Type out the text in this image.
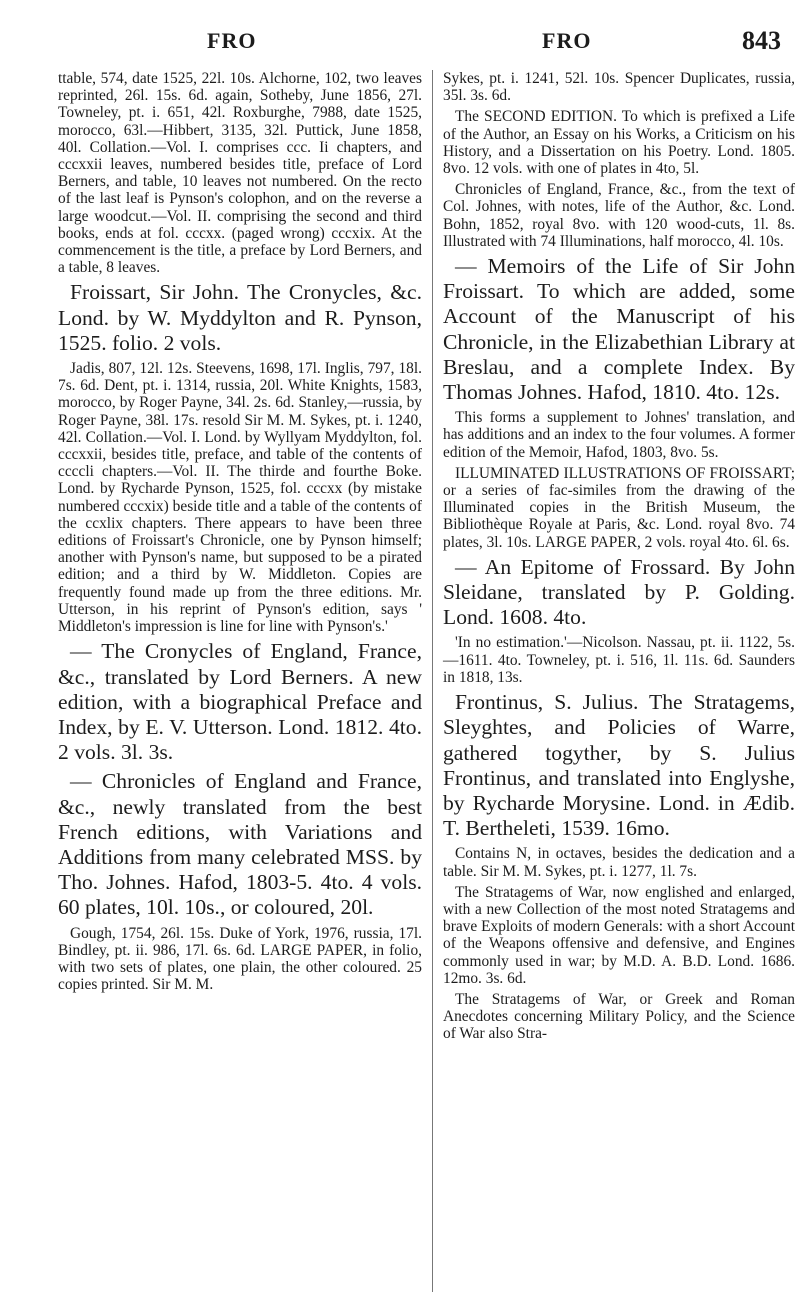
FRO	FRO	843

ttable, 574, date 1525, 22l. 10s. Alchorne, 102, two leaves reprinted, 26l. 15s. 6d. again, Sotheby, June 1856, 27l. Towneley, pt. i. 651, 42l. Roxburghe, 7988, date 1525, morocco, 63l.—Hibbert, 3135, 32l. Puttick, June 1858, 40l. Collation.—Vol. I. comprises ccc. Ii chapters, and cccxxii leaves, numbered besides title, preface of Lord Berners, and table, 10 leaves not numbered. On the recto of the last leaf is Pynson's colophon, and on the reverse a large woodcut.—Vol. II. comprising the second and third books, ends at fol. cccxx. (paged wrong) cccxix. At the commencement is the title, a preface by Lord Berners, and a table, 8 leaves.

Froissart, Sir John. The Cronycles, &c. Lond. by W. Myddylton and R. Pynson, 1525. folio. 2 vols.

Jadis, 807, 12l. 12s. Steevens, 1698, 17l. Inglis, 797, 18l. 7s. 6d. Dent, pt. i. 1314, russia, 20l. White Knights, 1583, morocco, by Roger Payne, 34l. 2s. 6d. Stanley,—russia, by Roger Payne, 38l. 17s. resold Sir M. M. Sykes, pt. i. 1240, 42l. Collation.—Vol. I. Lond. by Wyllyam Myddylton, fol. cccxxii, besides title, preface, and table of the contents of cccclі chapters.—Vol. II. The thirde and fourthe Boke. Lond. by Rycharde Pynson, 1525, fol. cccxx (by mistake numbered cccxix) beside title and a table of the contents of the ccxlix chapters. There appears to have been three editions of Froissart's Chronicle, one by Pynson himself; another with Pynson's name, but supposed to be a pirated edition; and a third by W. Middleton. Copies are frequently found made up from the three editions. Mr. Utterson, in his reprint of Pynson's edition, says ' Middleton's impression is line for line with Pynson's.'

— The Cronycles of England, France, &c., translated by Lord Berners. A new edition, with a biographical Preface and Index, by E. V. Utterson. Lond. 1812. 4to. 2 vols. 3l. 3s.

— Chronicles of England and France, &c., newly translated from the best French editions, with Variations and Additions from many celebrated MSS. by Tho. Johnes. Hafod, 1803-5. 4to. 4 vols. 60 plates, 10l. 10s., or coloured, 20l.

Gough, 1754, 26l. 15s. Duke of York, 1976, russia, 17l. Bindley, pt. ii. 986, 17l. 6s. 6d. LARGE PAPER, in folio, with two sets of plates, one plain, the other coloured. 25 copies printed. Sir M. M.

Sykes, pt. i. 1241, 52l. 10s. Spencer Duplicates, russia, 35l. 3s. 6d.

The SECOND EDITION. To which is prefixed a Life of the Author, an Essay on his Works, a Criticism on his History, and a Dissertation on his Poetry. Lond. 1805. 8vo. 12 vols. with one of plates in 4to, 5l.

Chronicles of England, France, &c., from the text of Col. Johnes, with notes, life of the Author, &c. Lond. Bohn, 1852, royal 8vo. with 120 wood-cuts, 1l. 8s. Illustrated with 74 Illuminations, half morocco, 4l. 10s.

— Memoirs of the Life of Sir John Froissart. To which are added, some Account of the Manuscript of his Chronicle, in the Elizabethian Library at Breslau, and a complete Index. By Thomas Johnes. Hafod, 1810. 4to. 12s.

This forms a supplement to Johnes' translation, and has additions and an index to the four volumes. A former edition of the Memoir, Hafod, 1803, 8vo. 5s.

ILLUMINATED ILLUSTRATIONS OF FROISSART; or a series of fac-similes from the drawing of the Illuminated copies in the British Museum, the Bibliothèque Royale at Paris, &c. Lond. royal 8vo. 74 plates, 3l. 10s. LARGE PAPER, 2 vols. royal 4to. 6l. 6s.

— An Epitome of Frossard. By John Sleidane, translated by P. Golding. Lond. 1608. 4to.

'In no estimation.'—Nicolson. Nassau, pt. ii. 1122, 5s.—1611. 4to. Towneley, pt. i. 516, 1l. 11s. 6d. Saunders in 1818, 13s.

Frontinus, S. Julius. The Stratagems, Sleyghtes, and Policies of Warre, gathered togyther, by S. Julius Frontinus, and translated into Englyshe, by Rycharde Morysine. Lond. in Ædib. T. Bertheleti, 1539. 16mo.

Contains N, in octaves, besides the dedication and a table. Sir M. M. Sykes, pt. i. 1277, 1l. 7s.

The Stratagems of War, now englished and enlarged, with a new Collection of the most noted Stratagems and brave Exploits of modern Generals: with a short Account of the Weapons offensive and defensive, and Engines commonly used in war; by M.D. A. B.D. Lond. 1686. 12mo. 3s. 6d.

The Stratagems of War, or Greek and Roman Anecdotes concerning Military Policy, and the Science of War also Stra-
